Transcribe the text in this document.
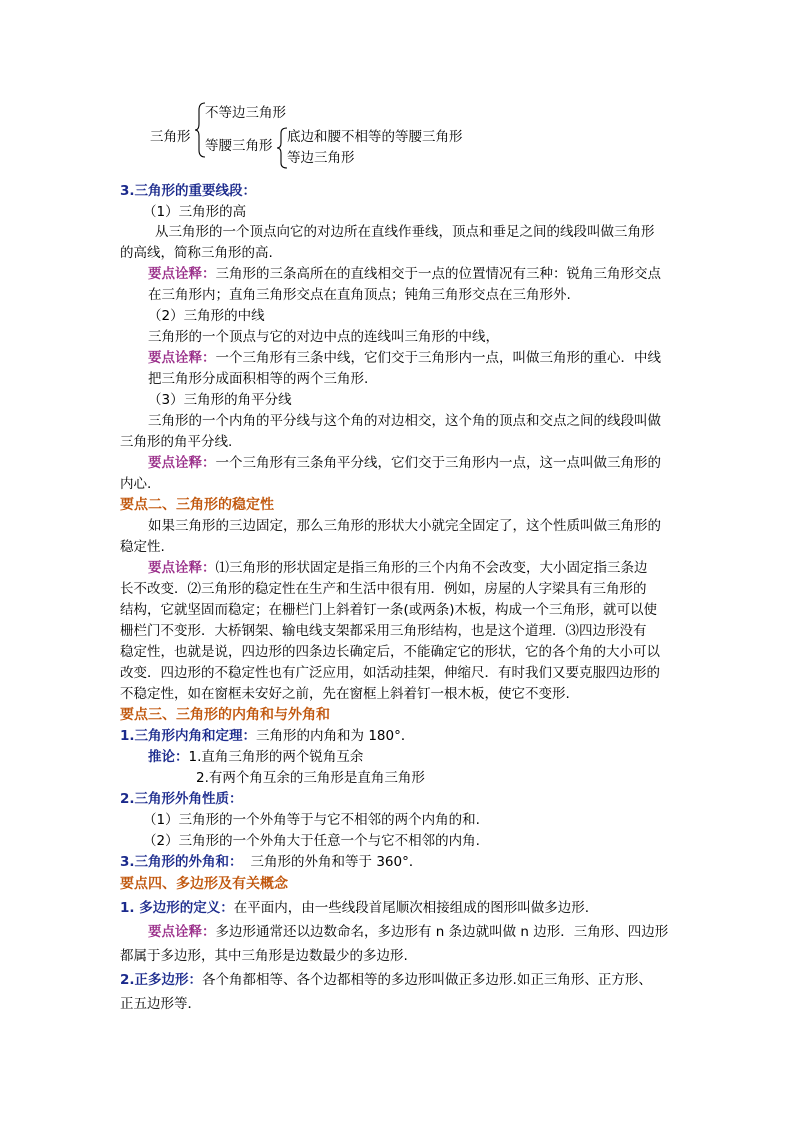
三角形
不等边三角形
等腰三角形
底边和腰不相等的等腰三角形
等边三角形
3.三角形的重要线段：
（1）三角形的高
从三角形的一个顶点向它的对边所在直线作垂线，顶点和垂足之间的线段叫做三角形
的高线，简称三角形的高.
要点诠释：三角形的三条高所在的直线相交于一点的位置情况有三种：锐角三角形交点
在三角形内；直角三角形交点在直角顶点；钝角三角形交点在三角形外.
（2）三角形的中线
三角形的一个顶点与它的对边中点的连线叫三角形的中线，
要点诠释：一个三角形有三条中线，它们交于三角形内一点，叫做三角形的重心．中线
把三角形分成面积相等的两个三角形.
（3）三角形的角平分线
三角形的一个内角的平分线与这个角的对边相交，这个角的顶点和交点之间的线段叫做
三角形的角平分线.
要点诠释：一个三角形有三条角平分线，它们交于三角形内一点，这一点叫做三角形的
内心.
要点二、三角形的稳定性
如果三角形的三边固定，那么三角形的形状大小就完全固定了，这个性质叫做三角形的
稳定性.
要点诠释：⑴三角形的形状固定是指三角形的三个内角不会改变，大小固定指三条边
长不改变．⑵三角形的稳定性在生产和生活中很有用．例如，房屋的人字梁具有三角形的
结构，它就坚固而稳定；在栅栏门上斜着钉一条(或两条)木板，构成一个三角形，就可以使
栅栏门不变形．大桥钢架、输电线支架都采用三角形结构，也是这个道理．⑶四边形没有
稳定性，也就是说，四边形的四条边长确定后，不能确定它的形状，它的各个角的大小可以
改变．四边形的不稳定性也有广泛应用，如活动挂架，伸缩尺．有时我们又要克服四边形的
不稳定性，如在窗框未安好之前，先在窗框上斜着钉一根木板，使它不变形.
要点三、三角形的内角和与外角和
1.三角形内角和定理：三角形的内角和为 180°．
推论：1.直角三角形的两个锐角互余
2.有两个角互余的三角形是直角三角形
2.三角形外角性质：
（1）三角形的一个外角等于与它不相邻的两个内角的和.
（2）三角形的一个外角大于任意一个与它不相邻的内角.
3.三角形的外角和： 三角形的外角和等于 360°．
要点四、多边形及有关概念
1. 多边形的定义：在平面内，由一些线段首尾顺次相接组成的图形叫做多边形.
要点诠释：多边形通常还以边数命名，多边形有 n 条边就叫做 n 边形．三角形、四边形
都属于多边形，其中三角形是边数最少的多边形.
2.正多边形：各个角都相等、各个边都相等的多边形叫做正多边形.如正三角形、正方形、
正五边形等．
